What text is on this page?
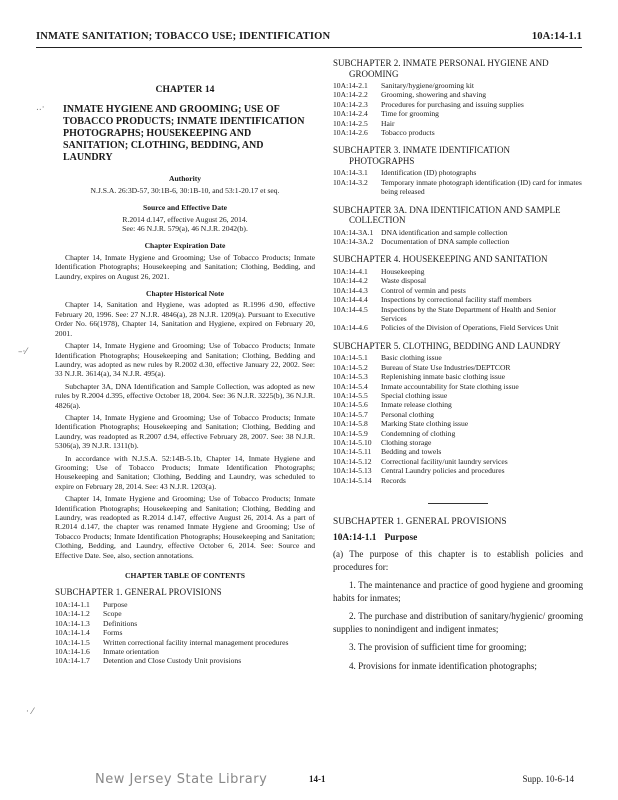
INMATE SANITATION; TOBACCO USE; IDENTIFICATION	10A:14-1.1
..·
–·⁄
· ⁄
CHAPTER 14
INMATE HYGIENE AND GROOMING; USE OF TOBACCO PRODUCTS; INMATE IDENTIFICATION PHOTOGRAPHS; HOUSEKEEPING AND SANITATION; CLOTHING, BEDDING, AND LAUNDRY
Authority

N.J.S.A. 26:3D-57, 30:1B-6, 30:1B-10, and 53:1-20.17 et seq.

Source and Effective Date

R.2014 d.147, effective August 26, 2014.

See: 46 N.J.R. 579(a), 46 N.J.R. 2042(b).

Chapter Expiration Date

Chapter 14, Inmate Hygiene and Grooming; Use of Tobacco Products; Inmate Identification Photographs; Housekeeping and Sanitation; Clothing, Bedding, and Laundry, expires on August 26, 2021.

Chapter Historical Note

Chapter 14, Sanitation and Hygiene, was adopted as R.1996 d.90, effective February 20, 1996. See: 27 N.J.R. 4846(a), 28 N.J.R. 1209(a). Pursuant to Executive Order No. 66(1978), Chapter 14, Sanitation and Hygiene, expired on February 20, 2001.

Chapter 14, Inmate Hygiene and Grooming; Use of Tobacco Products; Inmate Identification Photographs; Housekeeping and Sanitation; Clothing, Bedding and Laundry, was adopted as new rules by R.2002 d.30, effective January 22, 2002. See: 33 N.J.R. 3614(a), 34 N.J.R. 495(a).

Subchapter 3A, DNA Identification and Sample Collection, was adopted as new rules by R.2004 d.395, effective October 18, 2004. See: 36 N.J.R. 3225(b), 36 N.J.R. 4826(a).

Chapter 14, Inmate Hygiene and Grooming; Use of Tobacco Products; Inmate Identification Photographs; Housekeeping and Sanitation; Clothing, Bedding and Laundry, was readopted as R.2007 d.94, effective February 28, 2007. See: 38 N.J.R. 5306(a), 39 N.J.R. 1311(b).

In accordance with N.J.S.A. 52:14B-5.1b, Chapter 14, Inmate Hygiene and Grooming; Use of Tobacco Products; Inmate Identification Photographs; Housekeeping and Sanitation; Clothing, Bedding and Laundry, was scheduled to expire on February 28, 2014. See: 43 N.J.R. 1203(a).

Chapter 14, Inmate Hygiene and Grooming; Use of Tobacco Products; Inmate Identification Photographs; Housekeeping and Sanitation; Clothing, Bedding and Laundry, was readopted as R.2014 d.147, effective August 26, 2014. As a part of R.2014 d.147, the chapter was renamed Inmate Hygiene and Grooming; Use of Tobacco Products; Inmate Identification Photographs; Housekeeping and Sanitation; Clothing, Bedding, and Laundry, effective October 6, 2014. See: Source and Effective Date. See, also, section annotations.

CHAPTER TABLE OF CONTENTS
SUBCHAPTER 1. GENERAL PROVISIONS
10A:14-1.1	Purpose
10A:14-1.2	Scope
10A:14-1.3	Definitions
10A:14-1.4	Forms
10A:14-1.5	Written correctional facility internal management procedures
10A:14-1.6	Inmate orientation
10A:14-1.7	Detention and Close Custody Unit provisions
SUBCHAPTER 2. INMATE PERSONAL HYGIENE AND
GROOMING
10A:14-2.1	Sanitary/hygiene/grooming kit
10A:14-2.2	Grooming, showering and shaving
10A:14-2.3	Procedures for purchasing and issuing supplies
10A:14-2.4	Time for grooming
10A:14-2.5	Hair
10A:14-2.6	Tobacco products
SUBCHAPTER 3. INMATE IDENTIFICATION
PHOTOGRAPHS
10A:14-3.1	Identification (ID) photographs
10A:14-3.2	Temporary inmate photograph identification (ID) card for inmates being released
SUBCHAPTER 3A. DNA IDENTIFICATION AND SAMPLE
COLLECTION
10A:14-3A.1	DNA identification and sample collection
10A:14-3A.2	Documentation of DNA sample collection
SUBCHAPTER 4. HOUSEKEEPING AND SANITATION
10A:14-4.1	Housekeeping
10A:14-4.2	Waste disposal
10A:14-4.3	Control of vermin and pests
10A:14-4.4	Inspections by correctional facility staff members
10A:14-4.5	Inspections by the State Department of Health and Senior Services
10A:14-4.6	Policies of the Division of Operations, Field Services Unit
SUBCHAPTER 5. CLOTHING, BEDDING AND LAUNDRY
10A:14-5.1	Basic clothing issue
10A:14-5.2	Bureau of State Use Industries/DEPTCOR
10A:14-5.3	Replenishing inmate basic clothing issue
10A:14-5.4	Inmate accountability for State clothing issue
10A:14-5.5	Special clothing issue
10A:14-5.6	Inmate release clothing
10A:14-5.7	Personal clothing
10A:14-5.8	Marking State clothing issue
10A:14-5.9	Condemning of clothing
10A:14-5.10	Clothing storage
10A:14-5.11	Bedding and towels
10A:14-5.12	Correctional facility/unit laundry services
10A:14-5.13	Central Laundry policies and procedures
10A:14-5.14	Records
SUBCHAPTER 1. GENERAL PROVISIONS
10A:14-1.1 Purpose

(a) The purpose of this chapter is to establish policies and procedures for:

1. The maintenance and practice of good hygiene and grooming habits for inmates;

2. The purchase and distribution of sanitary/hygienic/ grooming supplies to nonindigent and indigent inmates;

3. The provision of sufficient time for grooming;

4. Provisions for inmate identification photographs;

New Jersey State Library	14-1	Supp. 10-6-14
